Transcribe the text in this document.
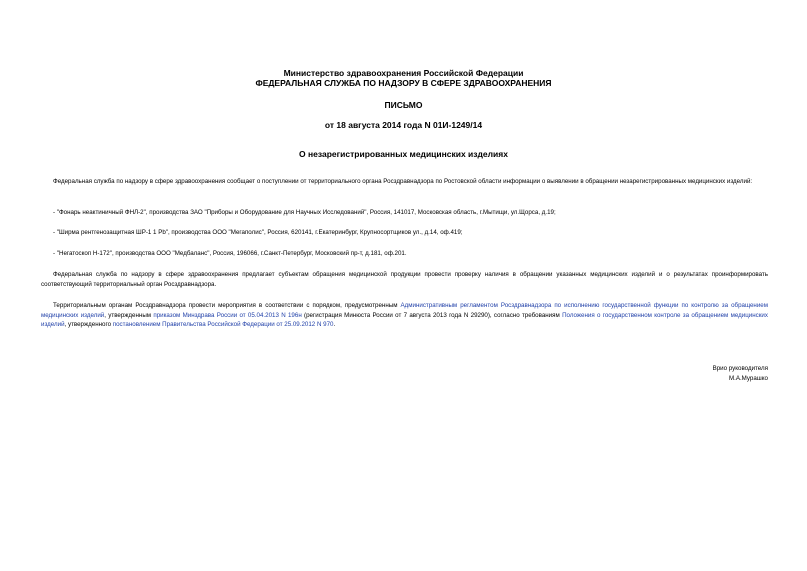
Министерство здравоохранения Российской Федерации
ФЕДЕРАЛЬНАЯ СЛУЖБА ПО НАДЗОРУ В СФЕРЕ ЗДРАВООХРАНЕНИЯ
ПИСЬМО
от 18 августа 2014 года N 01И-1249/14
О незарегистрированных медицинских изделиях
Федеральная служба по надзору в сфере здравоохранения сообщает о поступлении от территориального органа Росздравнадзора по Ростовской области информации о выявлении в обращении незарегистрированных медицинских изделий:
- "Фонарь неактиничный ФНЛ-2", производства ЗАО "Приборы и Оборудование для Научных Исследований", Россия, 141017, Московская область, г.Мытищи, ул.Щорса, д.19;
- "Ширма рентгенозащитная ШР-1 1 Pb", производства ООО "Мегаполис", Россия, 620141, г.Екатеринбург, Крупносортщиков ул., д.14, оф.419;
- "Негатоскоп Н-172", производства ООО "Медбаланс", Россия, 196066, г.Санкт-Петербург, Московский пр-т, д.181, оф.201.
Федеральная служба по надзору в сфере здравоохранения предлагает субъектам обращения медицинской продукции провести проверку наличия в обращении указанных медицинских изделий и о результатах проинформировать соответствующий территориальный орган Росздравнадзора.
Территориальным органам Росздравнадзора провести мероприятия в соответствии с порядком, предусмотренным Административным регламентом Росздравнадзора по исполнению государственной функции по контролю за обращением медицинских изделий, утвержденным приказом Минздрава России от 05.04.2013 N 196н (регистрация Минюста России от 7 августа 2013 года N 29290), согласно требованиям Положения о государственном контроле за обращением медицинских изделий, утвержденного постановлением Правительства Российской Федерации от 25.09.2012 N 970.
Врио руководителя
М.А.Мурашко
